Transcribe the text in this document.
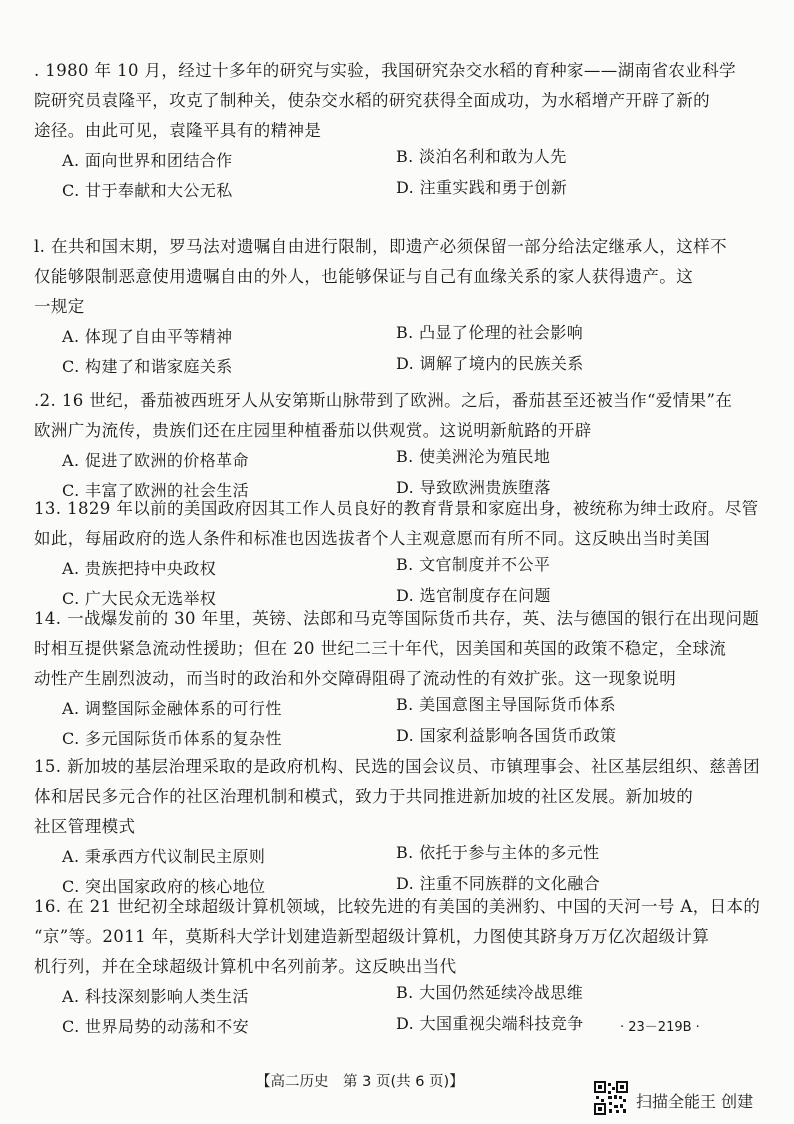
. 1980 年 10 月，经过十多年的研究与实验，我国研究杂交水稻的育种家——湖南省农业科学
院研究员袁隆平，攻克了制种关，使杂交水稻的研究获得全面成功，为水稻增产开辟了新的
途径。由此可见，袁隆平具有的精神是
A. 面向世界和团结合作	B. 淡泊名利和敢为人先
C. 甘于奉献和大公无私	D. 注重实践和勇于创新
l. 在共和国末期，罗马法对遗嘱自由进行限制，即遗产必须保留一部分给法定继承人，这样不
仅能够限制恶意使用遗嘱自由的外人，也能够保证与自己有血缘关系的家人获得遗产。这
一规定
A. 体现了自由平等精神	B. 凸显了伦理的社会影响
C. 构建了和谐家庭关系	D. 调解了境内的民族关系
.2. 16 世纪，番茄被西班牙人从安第斯山脉带到了欧洲。之后，番茄甚至还被当作“爱情果”在
欧洲广为流传，贵族们还在庄园里种植番茄以供观赏。这说明新航路的开辟
A. 促进了欧洲的价格革命	B. 使美洲沦为殖民地
C. 丰富了欧洲的社会生活	D. 导致欧洲贵族堕落
13. 1829 年以前的美国政府因其工作人员良好的教育背景和家庭出身，被统称为绅士政府。尽管
如此，每届政府的选人条件和标准也因选拔者个人主观意愿而有所不同。这反映出当时美国
A. 贵族把持中央政权	B. 文官制度并不公平
C. 广大民众无选举权	D. 选官制度存在问题
14. 一战爆发前的 30 年里，英镑、法郎和马克等国际货币共存，英、法与德国的银行在出现问题
时相互提供紧急流动性援助；但在 20 世纪二三十年代，因美国和英国的政策不稳定，全球流
动性产生剧烈波动，而当时的政治和外交障碍阻碍了流动性的有效扩张。这一现象说明
A. 调整国际金融体系的可行性	B. 美国意图主导国际货币体系
C. 多元国际货币体系的复杂性	D. 国家利益影响各国货币政策
15. 新加坡的基层治理采取的是政府机构、民选的国会议员、市镇理事会、社区基层组织、慈善团
体和居民多元合作的社区治理机制和模式，致力于共同推进新加坡的社区发展。新加坡的
社区管理模式
A. 秉承西方代议制民主原则	B. 依托于参与主体的多元性
C. 突出国家政府的核心地位	D. 注重不同族群的文化融合
16. 在 21 世纪初全球超级计算机领域，比较先进的有美国的美洲豹、中国的天河一号 A，日本的
“京”等。2011 年，莫斯科大学计划建造新型超级计算机，力图使其跻身万万亿次超级计算
机行列，并在全球超级计算机中名列前茅。这反映出当代
A. 科技深刻影响人类生活	B. 大国仍然延续冷战思维
C. 世界局势的动荡和不安	D. 大国重视尖端科技竞争
【高二历史　第 3 页(共 6 页)】
· 23－219B ·
扫描全能王 创建
